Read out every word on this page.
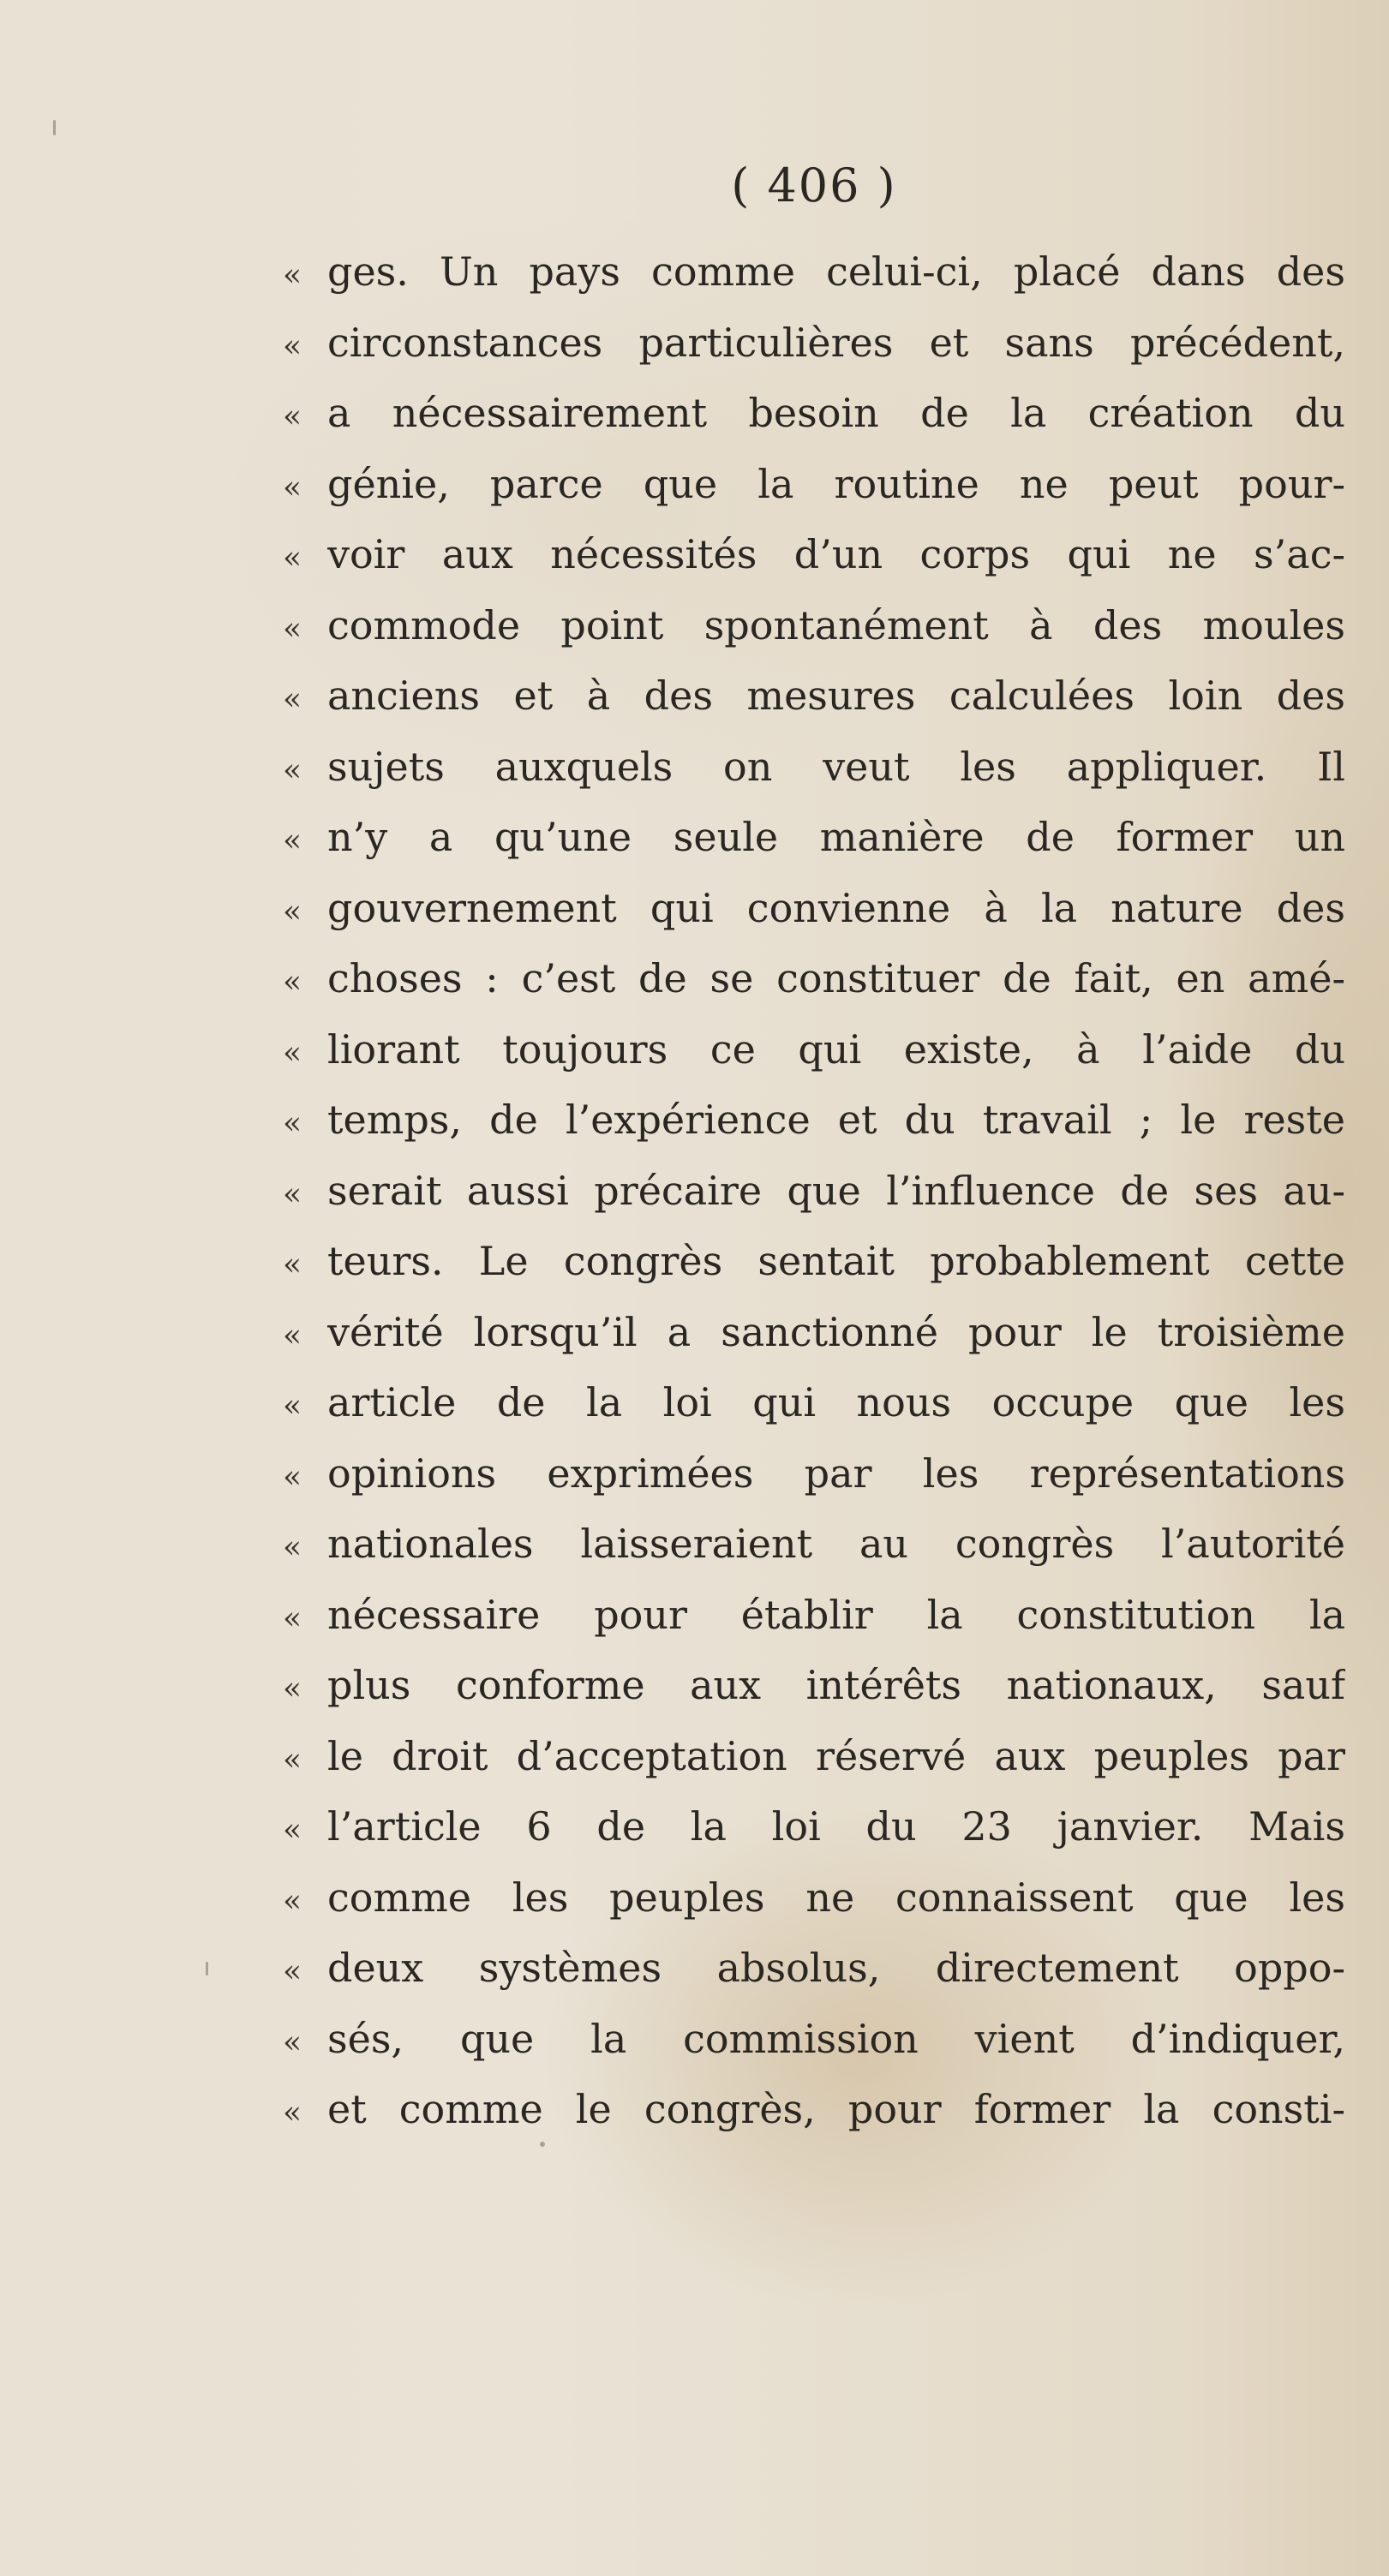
( 406 )
« ges. Un pays comme celui-ci, placé dans des
« circonstances particulières et sans précédent,
« a nécessairement besoin de la création du
« génie, parce que la routine ne peut pour-
« voir aux nécessités d’un corps qui ne s’ac-
« commode point spontanément à des moules
« anciens et à des mesures calculées loin des
« sujets auxquels on veut les appliquer. Il
« n’y a qu’une seule manière de former un
« gouvernement qui convienne à la nature des
« choses : c’est de se constituer de fait, en amé-
« liorant toujours ce qui existe, à l’aide du
« temps, de l’expérience et du travail ; le reste
« serait aussi précaire que l’influence de ses au-
« teurs. Le congrès sentait probablement cette
« vérité lorsqu’il a sanctionné pour le troisième
« article de la loi qui nous occupe que les
« opinions exprimées par les représentations
« nationales laisseraient au congrès l’autorité
« nécessaire pour établir la constitution la
« plus conforme aux intérêts nationaux, sauf
« le droit d’acceptation réservé aux peuples par
« l’article 6 de la loi du 23 janvier. Mais
« comme les peuples ne connaissent que les
« deux systèmes absolus, directement oppo-
« sés, que la commission vient d’indiquer,
« et comme le congrès, pour former la consti-
